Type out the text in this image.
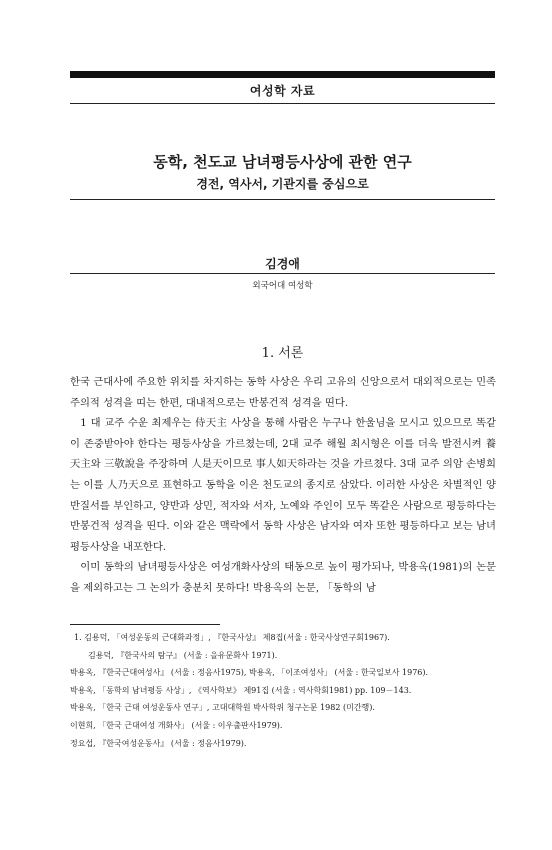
여성학 자료
동학, 천도교 남녀평등사상에 관한 연구
경전, 역사서, 기관지를 중심으로
김경애
외국어대 여성학
1. 서론

한국 근대사에 주요한 위치를 차지하는 동학 사상은 우리 고유의 신앙으로서 대외적으로는 민족주의적 성격을 띠는 한편, 대내적으로는 반봉건적 성격을 띤다.

1 대 교주 수운 최제우는 侍天主 사상을 통해 사람은 누구나 한울님을 모시고 있으므로 똑같이 존중받아야 한다는 평등사상을 가르쳤는데, 2대 교주 해월 최시형은 이를 더욱 발전시켜 養天主와 三敬說을 주장하며 人是天이므로 事人如天하라는 것을 가르쳤다. 3대 교주 의암 손병희는 이를 人乃天으로 표현하고 동학을 이은 천도교의 종지로 삼았다. 이러한 사상은 차별적인 양반질서를 부인하고, 양반과 상민, 적자와 서자, 노예와 주인이 모두 똑같은 사람으로 평등하다는 반봉건적 성격을 띤다. 이와 같은 맥락에서 동학 사상은 남자와 여자 또한 평등하다고 보는 남녀평등사상을 내포한다.

이미 동학의 남녀평등사상은 여성개화사상의 태동으로 높이 평가되나, 박용옥(1981)의 논문을 제외하고는 그 논의가 충분치 못하다! 박용옥의 논문, 「동학의 남

1. 김용덕, 「여성운동의 근대화과정」, 『한국사상』 제8집(서울 : 한국사상연구회1967).
김용덕, 『한국사의 탐구』 (서울 : 을유문화사 1971).
박용옥, 『한국근대여성사』 (서울 : 정음사1975), 박용옥, 「이조여성사」 (서울 : 한국일보사 1976).
박용옥, 「동학의 남녀평등 사상」, 《역사학보》 제91집 (서울 : 역사학회1981) pp. 109－143.
박용옥, 「한국 근대 여성운동사 연구」, 고대대학원 박사학위 청구논문 1982 (미간행).
이현희, 「한국 근대여성 개화사」 (서울 : 이우출판사1979).
정요섭, 『한국여성운동사』 (서울 : 정음사1979).
